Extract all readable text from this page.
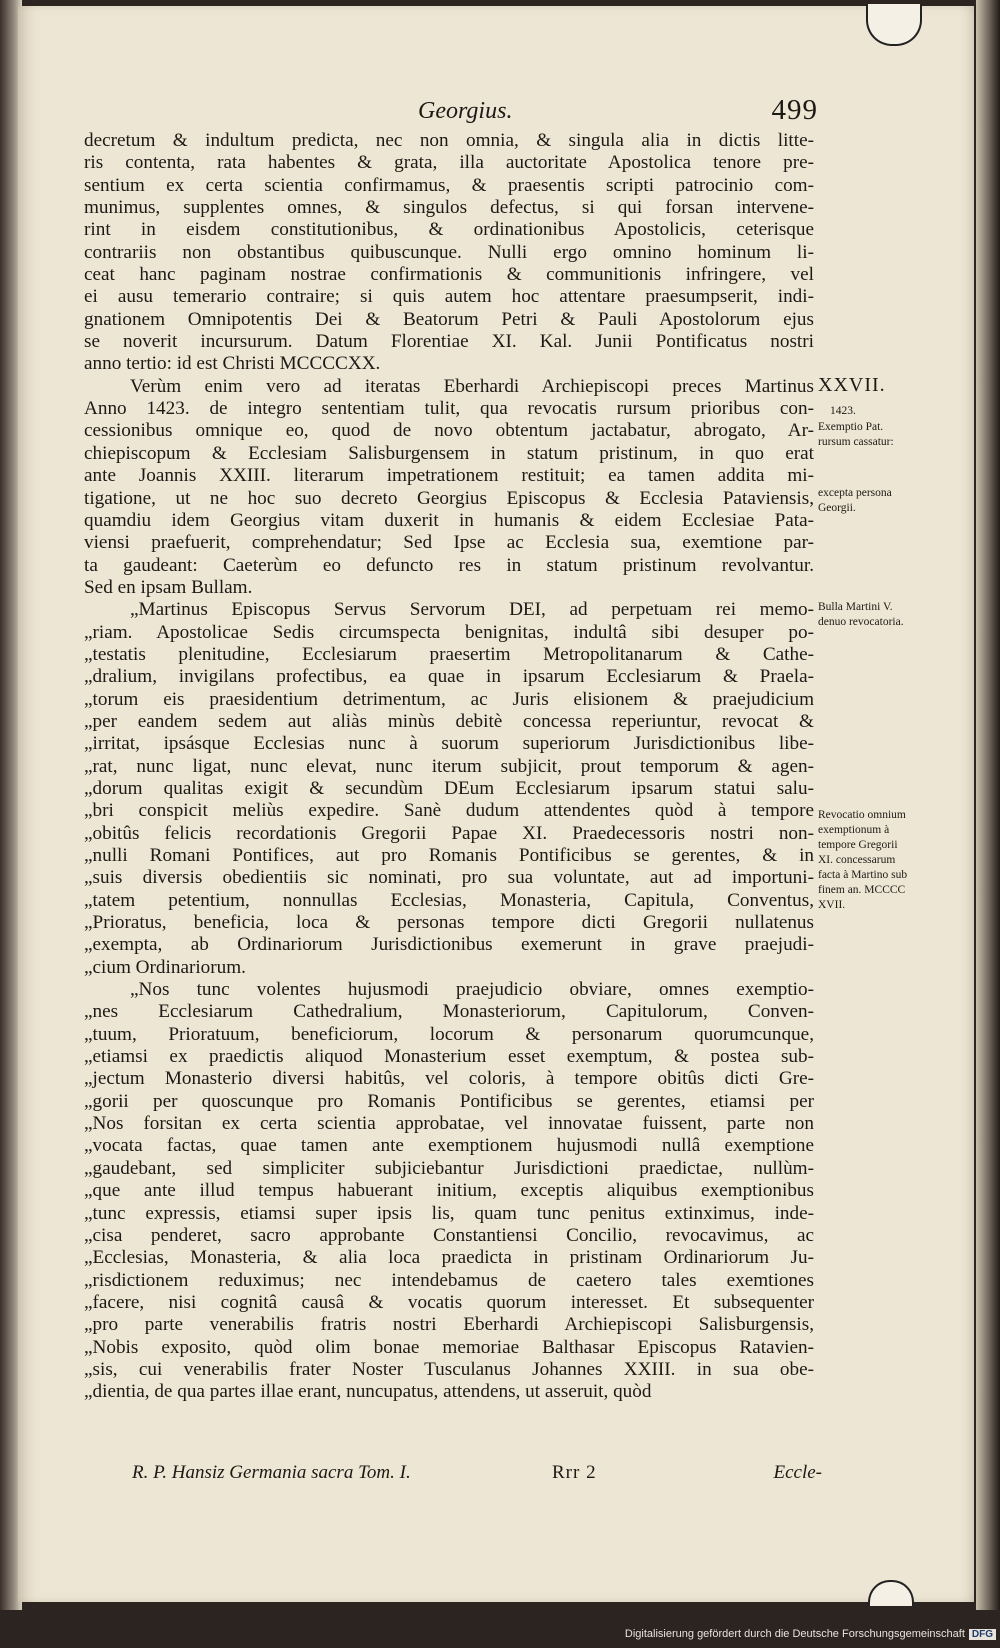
Georgius.	499
decretum & indultum predicta, nec non omnia, & singula alia in dictis litte-
ris contenta, rata habentes & grata, illa auctoritate Apostolica tenore pre-
sentium ex certa scientia confirmamus, & praesentis scripti patrocinio com-
munimus, supplentes omnes, & singulos defectus, si qui forsan intervene-
rint in eisdem constitutionibus, & ordinationibus Apostolicis, ceterisque
contrariis non obstantibus quibuscunque. Nulli ergo omnino hominum li-
ceat hanc paginam nostrae confirmationis & communitionis infringere, vel
ei ausu temerario contraire; si quis autem hoc attentare praesumpserit, indi-
gnationem Omnipotentis Dei & Beatorum Petri & Pauli Apostolorum ejus
se noverit incursurum. Datum Florentiae XI. Kal. Junii Pontificatus nostri
anno tertio: id est Christi MCCCCXX.
Verùm enim vero ad iteratas Eberhardi Archiepiscopi preces Martinus
Anno 1423. de integro sententiam tulit, qua revocatis rursum prioribus con-
cessionibus omnique eo, quod de novo obtentum jactabatur, abrogato, Ar-
chiepiscopum & Ecclesiam Salisburgensem in statum pristinum, in quo erat
ante Joannis XXIII. literarum impetrationem restituit; ea tamen addita mi-
tigatione, ut ne hoc suo decreto Georgius Episcopus & Ecclesia Pataviensis,
quamdiu idem Georgius vitam duxerit in humanis & eidem Ecclesiae Pata-
viensi praefuerit, comprehendatur; Sed Ipse ac Ecclesia sua, exemtione par-
ta gaudeant: Caeterùm eo defuncto res in statum pristinum revolvantur.
Sed en ipsam Bullam.
„Martinus Episcopus Servus Servorum DEI, ad perpetuam rei memo-
„riam. Apostolicae Sedis circumspecta benignitas, indultâ sibi desuper po-
„testatis plenitudine, Ecclesiarum praesertim Metropolitanarum & Cathe-
„dralium, invigilans profectibus, ea quae in ipsarum Ecclesiarum & Praela-
„torum eis praesidentium detrimentum, ac Juris elisionem & praejudicium
„per eandem sedem aut aliàs minùs debitè concessa reperiuntur, revocat &
„irritat, ipsásque Ecclesias nunc à suorum superiorum Jurisdictionibus libe-
„rat, nunc ligat, nunc elevat, nunc iterum subjicit, prout temporum & agen-
„dorum qualitas exigit & secundùm DEum Ecclesiarum ipsarum statui salu-
„bri conspicit meliùs expedire. Sanè dudum attendentes quòd à tempore
„obitûs felicis recordationis Gregorii Papae XI. Praedecessoris nostri non-
„nulli Romani Pontifices, aut pro Romanis Pontificibus se gerentes, & in
„suis diversis obedientiis sic nominati, pro sua voluntate, aut ad importuni-
„tatem petentium, nonnullas Ecclesias, Monasteria, Capitula, Conventus,
„Prioratus, beneficia, loca & personas tempore dicti Gregorii nullatenus
„exempta, ab Ordinariorum Jurisdictionibus exemerunt in grave praejudi-
„cium Ordinariorum.
„Nos tunc volentes hujusmodi praejudicio obviare, omnes exemptio-
„nes Ecclesiarum Cathedralium, Monasteriorum, Capitulorum, Conven-
„tuum, Prioratuum, beneficiorum, locorum & personarum quorumcunque,
„etiamsi ex praedictis aliquod Monasterium esset exemptum, & postea sub-
„jectum Monasterio diversi habitûs, vel coloris, à tempore obitûs dicti Gre-
„gorii per quoscunque pro Romanis Pontificibus se gerentes, etiamsi per
„Nos forsitan ex certa scientia approbatae, vel innovatae fuissent, parte non
„vocata factas, quae tamen ante exemptionem hujusmodi nullâ exemptione
„gaudebant, sed simpliciter subjiciebantur Jurisdictioni praedictae, nullùm-
„que ante illud tempus habuerant initium, exceptis aliquibus exemptionibus
„tunc expressis, etiamsi super ipsis lis, quam tunc penitus extinximus, inde-
„cisa penderet, sacro approbante Constantiensi Concilio, revocavimus, ac
„Ecclesias, Monasteria, & alia loca praedicta in pristinam Ordinariorum Ju-
„risdictionem reduximus; nec intendebamus de caetero tales exemtiones
„facere, nisi cognitâ causâ & vocatis quorum interesset. Et subsequenter
„pro parte venerabilis fratris nostri Eberhardi Archiepiscopi Salisburgensis,
„Nobis exposito, quòd olim bonae memoriae Balthasar Episcopus Ratavien-
„sis, cui venerabilis frater Noster Tusculanus Johannes XXIII. in sua obe-
„dientia, de qua partes illae erant, nuncupatus, attendens, ut asseruit, quòd
XXVII.
1423.
Exemptio Pat. rursum cassatur:
excepta persona Georgii.
Bulla Martini V. denuo revocatoria.
Revocatio omnium exemptionum à tempore Gregorii XI. concessarum facta à Martino sub finem an. MCCCC XVII.
R. P. Hansiz Germania sacra Tom. I.	Rrr 2	Eccle-
Digitalisierung gefördert durch die Deutsche Forschungsgemeinschaft DFG
